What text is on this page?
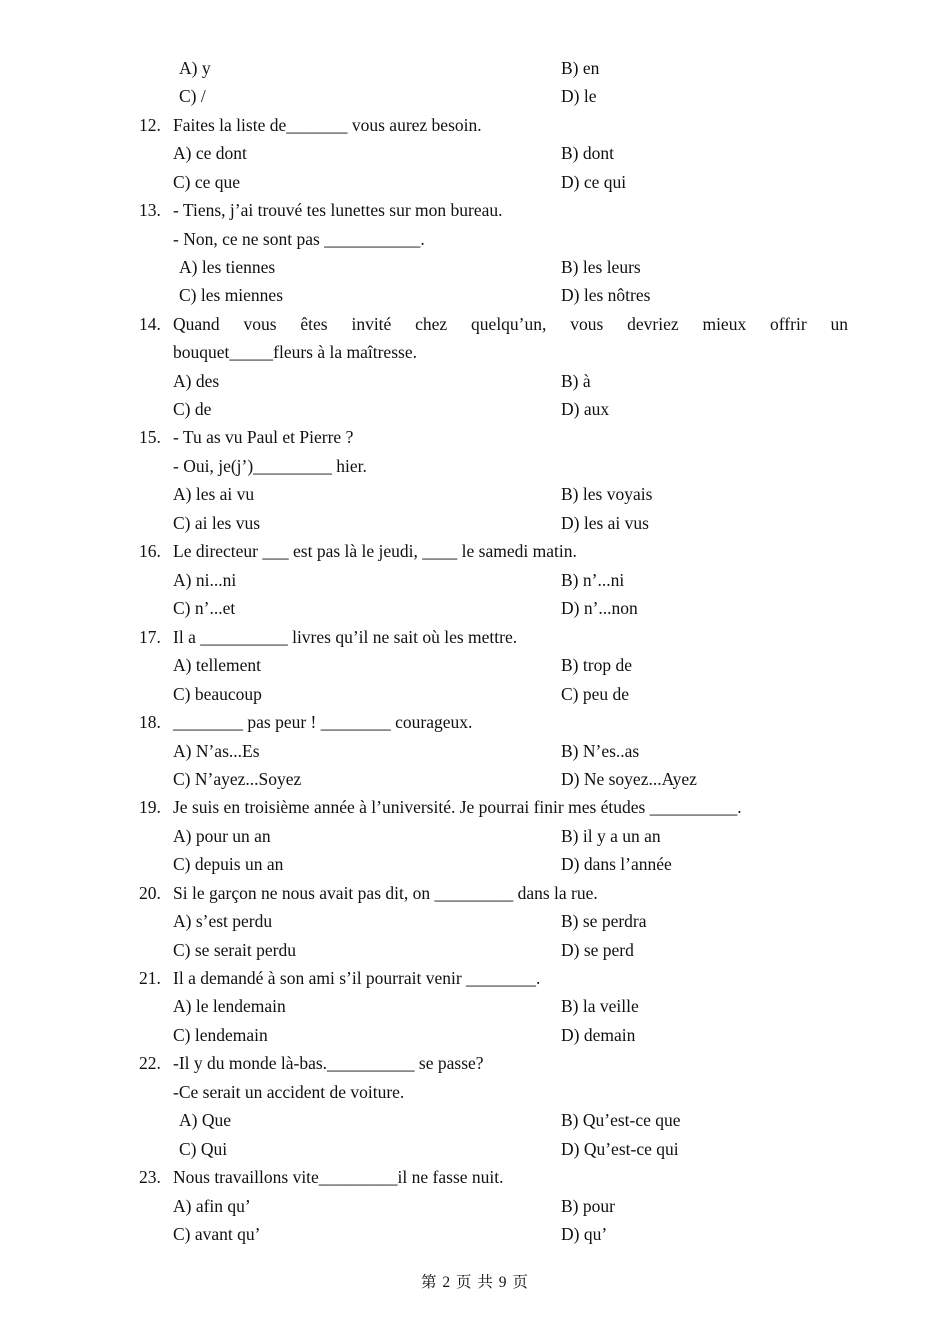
A) y	B) en
C) /	D) le
12. Faites la liste de_______ vous aurez besoin.
A) ce dont	B) dont
C) ce que	D) ce qui
13. - Tiens, j’ai trouvé tes lunettes sur mon bureau.
- Non, ce ne sont pas ___________.
A) les tiennes	B) les leurs
C) les miennes	D) les nôtres
14. Quand vous êtes invité chez quelqu’un, vous devriez mieux offrir un
bouquet_____fleurs à la maîtresse.
A) des	B) à
C) de	D) aux
15. - Tu as vu Paul et Pierre ?
- Oui, je(j’)_________ hier.
A) les ai vu	B) les voyais
C) ai les vus	D) les ai vus
16. Le directeur ___ est pas là le jeudi, ____ le samedi matin.
A) ni...ni	B) n’...ni
C) n’...et	D) n’...non
17. Il a __________ livres qu’il ne sait où les mettre.
A) tellement	B) trop de
C) beaucoup	C) peu de
18. ________ pas peur ! ________ courageux.
A) N’as...Es	B) N’es..as
C) N’ayez...Soyez	D) Ne soyez...Ayez
19. Je suis en troisième année à l’université. Je pourrai finir mes études __________.
A) pour un an	B) il y a un an
C) depuis un an	D) dans l’année
20. Si le garçon ne nous avait pas dit, on _________ dans la rue.
A) s’est perdu	B) se perdra
C) se serait perdu	D) se perd
21. Il a demandé à son ami s’il pourrait venir ________.
A) le lendemain	B) la veille
C) lendemain	D) demain
22. -Il y du monde là-bas.__________ se passe?
-Ce serait un accident de voiture.
A) Que	B) Qu’est-ce que
C) Qui	D) Qu’est-ce qui
23. Nous travaillons vite_________il ne fasse nuit.
A) afin qu’	B) pour
C) avant qu’	D) qu’
第 2 页 共 9 页
